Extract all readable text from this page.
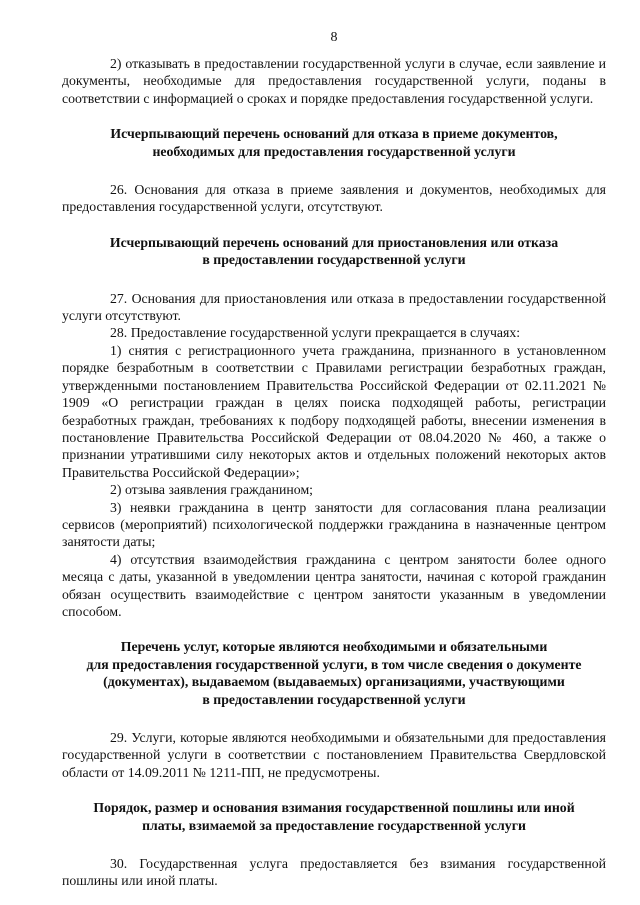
8

2) отказывать в предоставлении государственной услуги в случае, если заявление и документы, необходимые для предоставления государственной услуги, поданы в соответствии с информацией о сроках и порядке предоставления государственной услуги.

Исчерпывающий перечень оснований для отказа в приеме документов,
необходимых для предоставления государственной услуги

26. Основания для отказа в приеме заявления и документов, необходимых для предоставления государственной услуги, отсутствуют.

Исчерпывающий перечень оснований для приостановления или отказа
в предоставлении государственной услуги

27. Основания для приостановления или отказа в предоставлении государственной услуги отсутствуют.

28. Предоставление государственной услуги прекращается в случаях:

1) снятия с регистрационного учета гражданина, признанного в установленном порядке безработным в соответствии с Правилами регистрации безработных граждан, утвержденными постановлением Правительства Российской Федерации от 02.11.2021 № 1909 «О регистрации граждан в целях поиска подходящей работы, регистрации безработных граждан, требованиях к подбору подходящей работы, внесении изменения в постановление Правительства Российской Федерации от 08.04.2020 № 460, а также о признании утратившими силу некоторых актов и отдельных положений некоторых актов Правительства Российской Федерации»;

2) отзыва заявления гражданином;

3) неявки гражданина в центр занятости для согласования плана реализации сервисов (мероприятий) психологической поддержки гражданина в назначенные центром занятости даты;

4) отсутствия взаимодействия гражданина с центром занятости более одного месяца с даты, указанной в уведомлении центра занятости, начиная с которой гражданин обязан осуществить взаимодействие с центром занятости указанным в уведомлении способом.

Перечень услуг, которые являются необходимыми и обязательными
для предоставления государственной услуги, в том числе сведения о документе
(документах), выдаваемом (выдаваемых) организациями, участвующими
в предоставлении государственной услуги

29. Услуги, которые являются необходимыми и обязательными для предоставления государственной услуги в соответствии с постановлением Правительства Свердловской области от 14.09.2011 № 1211-ПП, не предусмотрены.

Порядок, размер и основания взимания государственной пошлины или иной
платы, взимаемой за предоставление государственной услуги

30. Государственная услуга предоставляется без взимания государственной пошлины или иной платы.
